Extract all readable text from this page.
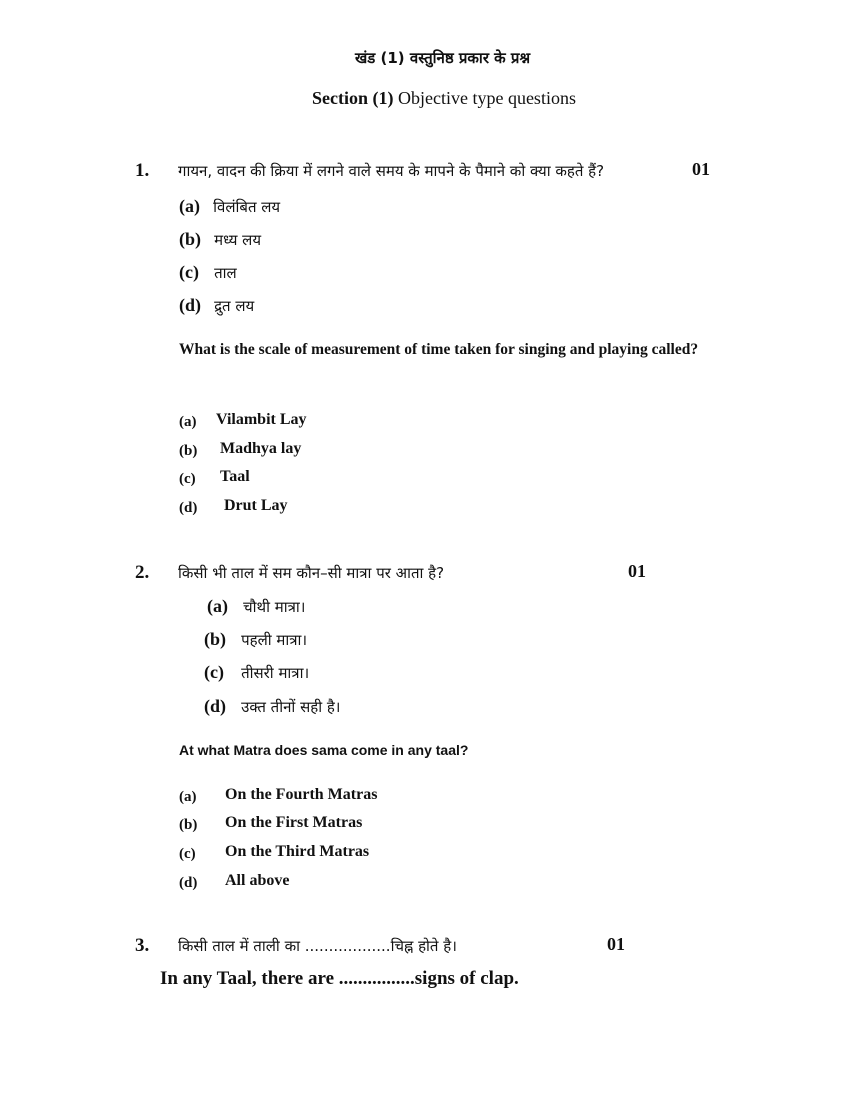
खंड (1) वस्तुनिष्ठ प्रकार के प्रश्न
Section (1) Objective type questions
1. गायन, वादन की क्रिया में लगने वाले समय के मापने के पैमाने को क्या कहते हैं?	01
(a) विलंबित लय
(b) मध्य लय
(c) ताल
(d) द्रुत लय
What is the scale of measurement of time taken for singing and playing called?
(a) Vilambit Lay
(b) Madhya lay
(c) Taal
(d) Drut Lay
2. किसी भी ताल में सम कौन–सी मात्रा पर आता है?	01
(a) चौथी मात्रा।
(b) पहली मात्रा।
(c) तीसरी मात्रा।
(d) उक्त तीनों सही है।
At what Matra does sama come in any taal?
(a) On the Fourth Matras
(b) On the First Matras
(c) On the Third Matras
(d) All above
3. किसी ताल में ताली का ..................चिह्न होते है।	01
In any Taal, there are ................signs of clap.
